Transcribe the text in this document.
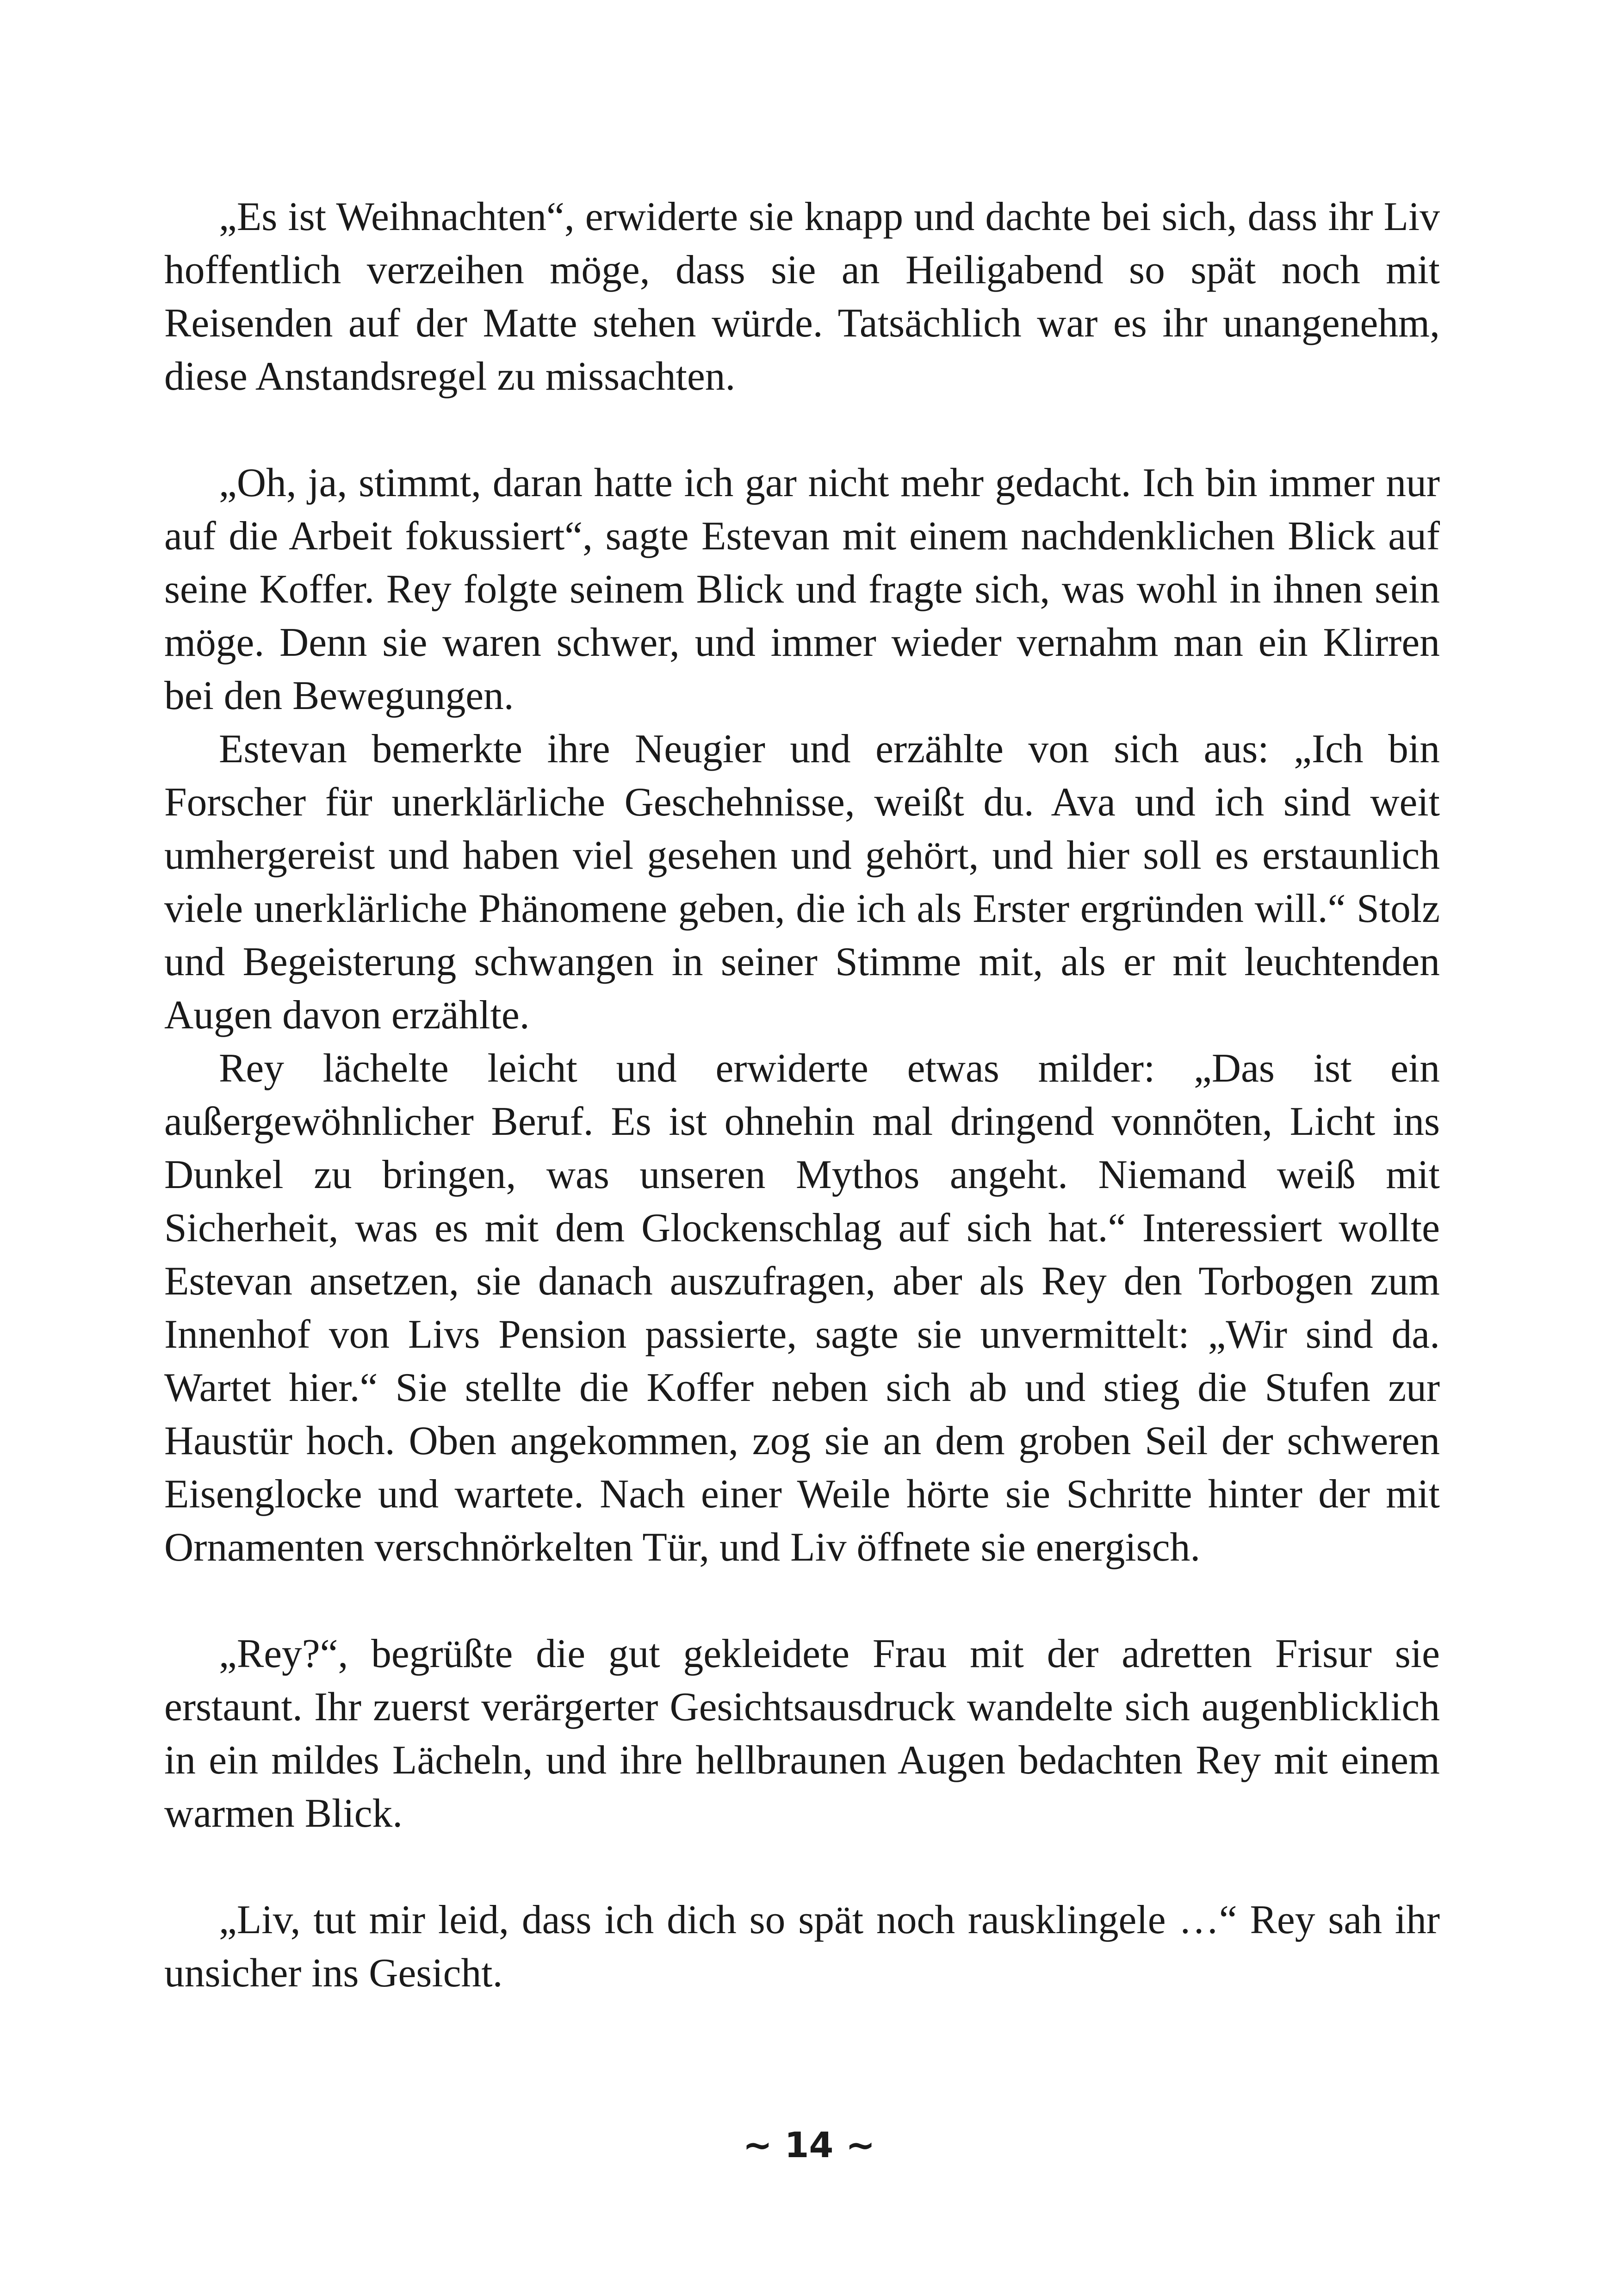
„Es ist Weihnachten“, erwiderte sie knapp und dachte bei sich, dass ihr Liv hoffentlich verzeihen möge, dass sie an Heiligabend so spät noch mit Reisenden auf der Matte stehen würde. Tatsächlich war es ihr unangenehm, diese Anstandsregel zu missachten.

„Oh, ja, stimmt, daran hatte ich gar nicht mehr gedacht. Ich bin immer nur auf die Arbeit fokussiert“, sagte Estevan mit einem nachdenklichen Blick auf seine Koffer. Rey folgte seinem Blick und fragte sich, was wohl in ihnen sein möge. Denn sie waren schwer, und immer wieder vernahm man ein Klirren bei den Bewegungen.

Estevan bemerkte ihre Neugier und erzählte von sich aus: „Ich bin Forscher für unerklärliche Geschehnisse, weißt du. Ava und ich sind weit umhergereist und haben viel gesehen und gehört, und hier soll es erstaunlich viele unerklärliche Phänomene geben, die ich als Erster ergründen will.“ Stolz und Begeisterung schwangen in seiner Stimme mit, als er mit leuchtenden Augen davon erzählte.

Rey lächelte leicht und erwiderte etwas milder: „Das ist ein außergewöhnlicher Beruf. Es ist ohnehin mal dringend vonnöten, Licht ins Dunkel zu bringen, was unseren Mythos angeht. Niemand weiß mit Sicherheit, was es mit dem Glockenschlag auf sich hat.“ Interessiert wollte Estevan ansetzen, sie danach auszufragen, aber als Rey den Torbogen zum Innenhof von Livs Pension passierte, sagte sie unvermittelt: „Wir sind da. Wartet hier.“ Sie stellte die Koffer neben sich ab und stieg die Stufen zur Haustür hoch. Oben angekommen, zog sie an dem groben Seil der schweren Eisenglocke und wartete. Nach einer Weile hörte sie Schritte hinter der mit Ornamenten verschnörkelten Tür, und Liv öffnete sie energisch.

„Rey?“, begrüßte die gut gekleidete Frau mit der adretten Frisur sie erstaunt. Ihr zuerst verärgerter Gesichtsausdruck wandelte sich augenblicklich in ein mildes Lächeln, und ihre hellbraunen Augen bedachten Rey mit einem warmen Blick.

„Liv, tut mir leid, dass ich dich so spät noch rausklingele …“ Rey sah ihr unsicher ins Gesicht.

~ 14 ~
